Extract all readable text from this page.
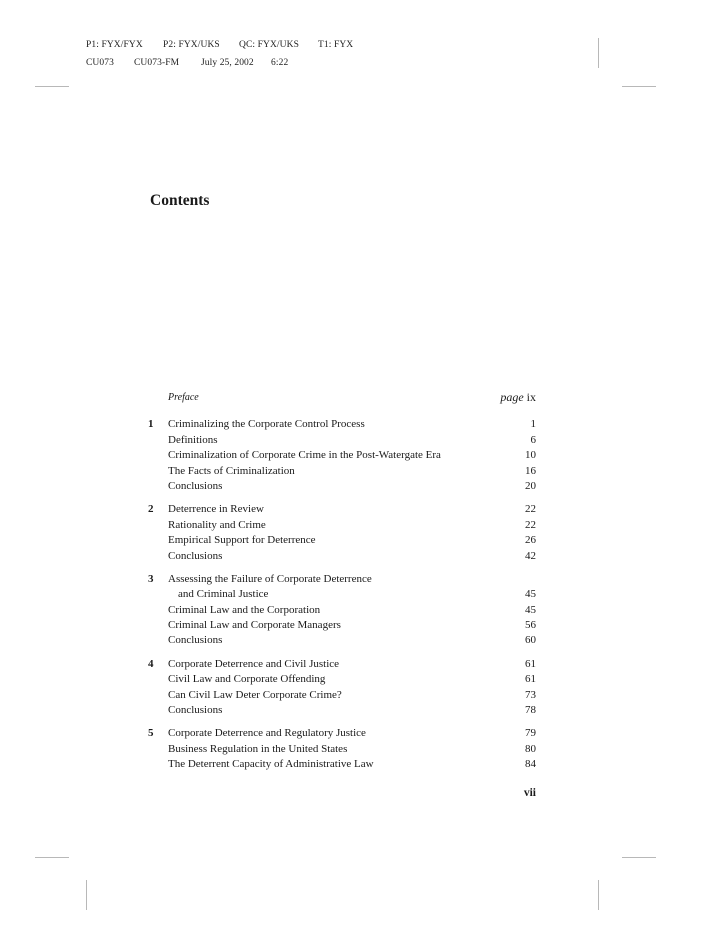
P1: FYX/FYX P2: FYX/UKS QC: FYX/UKS T1: FYX
CU073 CU073-FM July 25, 2002 6:22
Contents
Preface	page ix
1 Criminalizing the Corporate Control Process	1
Definitions	6
Criminalization of Corporate Crime in the Post-Watergate Era	10
The Facts of Criminalization	16
Conclusions	20
2 Deterrence in Review	22
Rationality and Crime	22
Empirical Support for Deterrence	26
Conclusions	42
3 Assessing the Failure of Corporate Deterrence
and Criminal Justice	45
Criminal Law and the Corporation	45
Criminal Law and Corporate Managers	56
Conclusions	60
4 Corporate Deterrence and Civil Justice	61
Civil Law and Corporate Offending	61
Can Civil Law Deter Corporate Crime?	73
Conclusions	78
5 Corporate Deterrence and Regulatory Justice	79
Business Regulation in the United States	80
The Deterrent Capacity of Administrative Law	84
vii
